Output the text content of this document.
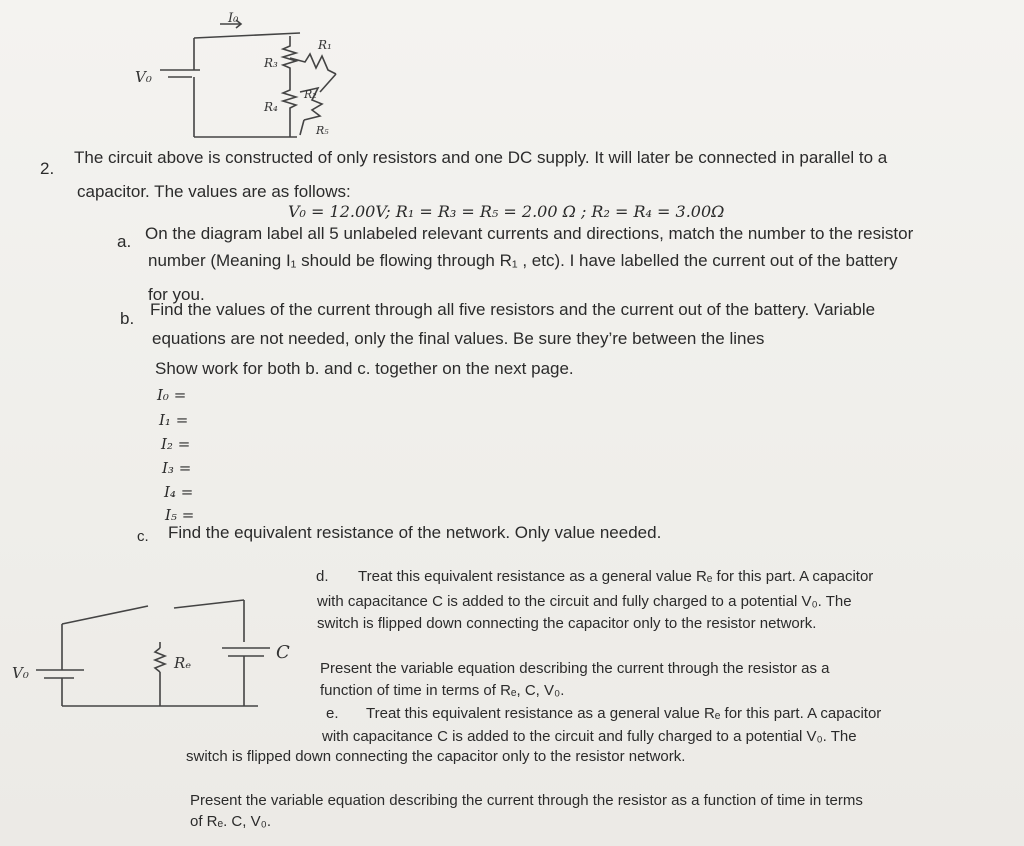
V₀
I₀
R₁
R₂
R₃
R₄
R₅
2.
The circuit above is constructed of only resistors and one DC supply. It will later be connected in parallel to a
capacitor. The values are as follows:
V₀ = 12.00V; R₁ = R₃ = R₅ = 2.00 Ω ; R₂ = R₄ = 3.00Ω
a. On the diagram label all 5 unlabeled relevant currents and directions, match the number to the resistor
number (Meaning I₁ should be flowing through R₁ , etc). I have labelled the current out of the battery
for you.
b. Find the values of the current through all five resistors and the current out of the battery. Variable
equations are not needed, only the final values. Be sure they’re between the lines
Show work for both b. and c. together on the next page.
I₀ =
I₁ =
I₂ =
I₃ =
I₄ =
I₅ =
c. Find the equivalent resistance of the network. Only value needed.
V₀
Rₑ	C
d. Treat this equivalent resistance as a general value Rₑ for this part. A capacitor
with capacitance C is added to the circuit and fully charged to a potential V₀. The
switch is flipped down connecting the capacitor only to the resistor network.
Present the variable equation describing the current through the resistor as a
function of time in terms of Rₑ, C, V₀.
e. Treat this equivalent resistance as a general value Rₑ for this part. A capacitor
with capacitance C is added to the circuit and fully charged to a potential V₀. The
switch is flipped down connecting the capacitor only to the resistor network.
Present the variable equation describing the current through the resistor as a function of time in terms
of Rₑ. C, V₀.
